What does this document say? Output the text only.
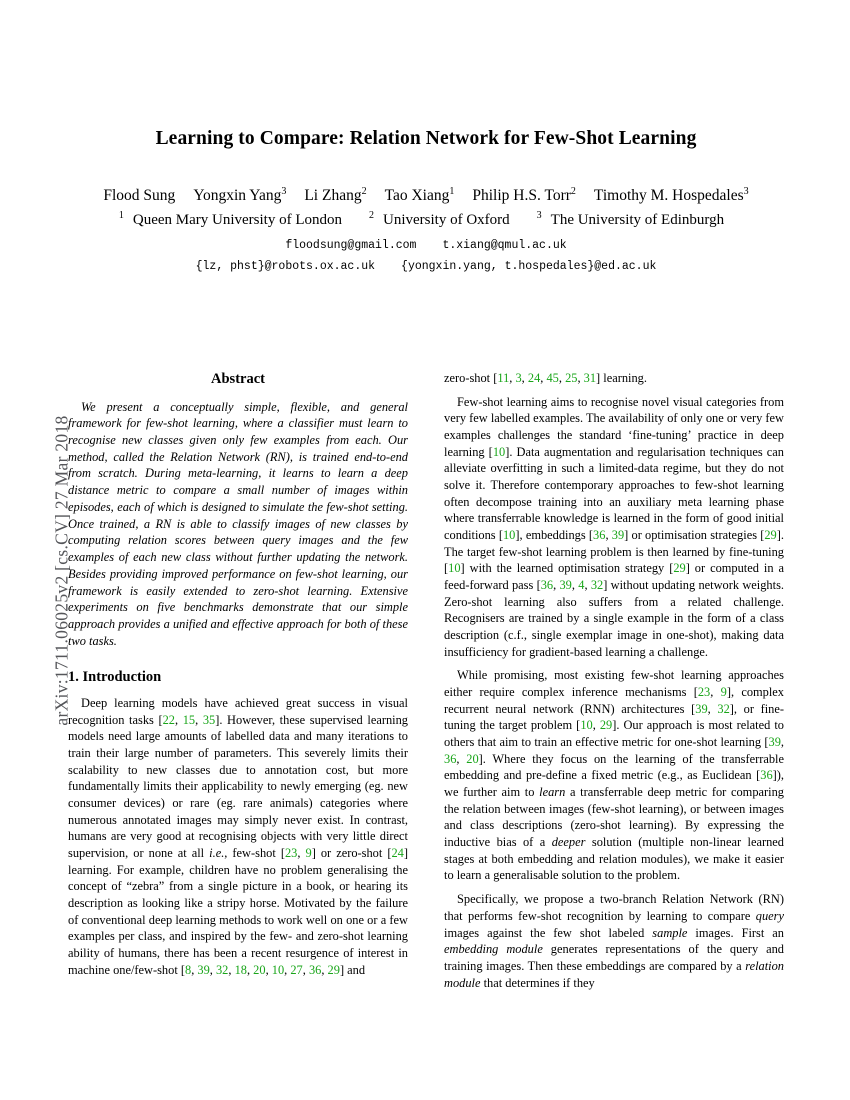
arXiv:1711.06025v2 [cs.CV] 27 Mar 2018
Learning to Compare: Relation Network for Few-Shot Learning
Flood Sung Yongxin Yang$^3$ Li Zhang$^2$ Tao Xiang$^1$ Philip H.S. Torr$^2$ Timothy M. Hospedales$^3$
$^1$ Queen Mary University of London	$^2$ University of Oxford	$^3$ The University of Edinburgh
floodsung@gmail.com t.xiang@qmul.ac.uk
{lz, phst}@robots.ox.ac.uk {yongxin.yang, t.hospedales}@ed.ac.uk
Abstract

We present a conceptually simple, flexible, and general framework for few-shot learning, where a classifier must learn to recognise new classes given only few examples from each. Our method, called the Relation Network (RN), is trained end-to-end from scratch. During meta-learning, it learns to learn a deep distance metric to compare a small number of images within episodes, each of which is designed to simulate the few-shot setting. Once trained, a RN is able to classify images of new classes by computing relation scores between query images and the few examples of each new class without further updating the network. Besides providing improved performance on few-shot learning, our framework is easily extended to zero-shot learning. Extensive experiments on five benchmarks demonstrate that our simple approach provides a unified and effective approach for both of these two tasks.

1. Introduction

Deep learning models have achieved great success in visual recognition tasks [22, 15, 35]. However, these supervised learning models need large amounts of labelled data and many iterations to train their large number of parameters. This severely limits their scalability to new classes due to annotation cost, but more fundamentally limits their applicability to newly emerging (eg. new consumer devices) or rare (eg. rare animals) categories where numerous annotated images may simply never exist. In contrast, humans are very good at recognising objects with very little direct supervision, or none at all i.e., few-shot [23, 9] or zero-shot [24] learning. For example, children have no problem generalising the concept of “zebra” from a single picture in a book, or hearing its description as looking like a stripy horse. Motivated by the failure of conventional deep learning methods to work well on one or a few examples per class, and inspired by the few- and zero-shot learning ability of humans, there has been a recent resurgence of interest in machine one/few-shot [8, 39, 32, 18, 20, 10, 27, 36, 29] and

zero-shot [11, 3, 24, 45, 25, 31] learning.

Few-shot learning aims to recognise novel visual categories from very few labelled examples. The availability of only one or very few examples challenges the standard ‘fine-tuning’ practice in deep learning [10]. Data augmentation and regularisation techniques can alleviate overfitting in such a limited-data regime, but they do not solve it. Therefore contemporary approaches to few-shot learning often decompose training into an auxiliary meta learning phase where transferrable knowledge is learned in the form of good initial conditions [10], embeddings [36, 39] or optimisation strategies [29]. The target few-shot learning problem is then learned by fine-tuning [10] with the learned optimisation strategy [29] or computed in a feed-forward pass [36, 39, 4, 32] without updating network weights. Zero-shot learning also suffers from a related challenge. Recognisers are trained by a single example in the form of a class description (c.f., single exemplar image in one-shot), making data insufficiency for gradient-based learning a challenge.

While promising, most existing few-shot learning approaches either require complex inference mechanisms [23, 9], complex recurrent neural network (RNN) architectures [39, 32], or fine-tuning the target problem [10, 29]. Our approach is most related to others that aim to train an effective metric for one-shot learning [39, 36, 20]. Where they focus on the learning of the transferrable embedding and pre-define a fixed metric (e.g., as Euclidean [36]), we further aim to learn a transferrable deep metric for comparing the relation between images (few-shot learning), or between images and class descriptions (zero-shot learning). By expressing the inductive bias of a deeper solution (multiple non-linear learned stages at both embedding and relation modules), we make it easier to learn a generalisable solution to the problem.

Specifically, we propose a two-branch Relation Network (RN) that performs few-shot recognition by learning to compare query images against the few shot labeled sample images. First an embedding module generates representations of the query and training images. Then these embeddings are compared by a relation module that determines if they
